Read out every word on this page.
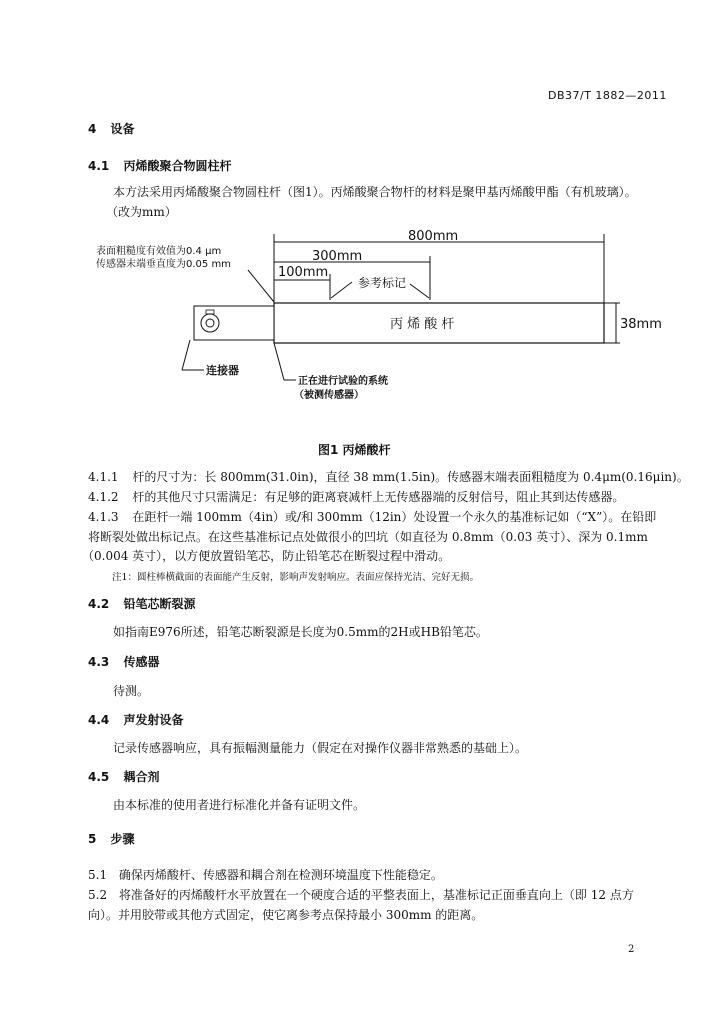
DB37/T 1882—2011
4 设备
4.1 丙烯酸聚合物圆柱杆
本方法采用丙烯酸聚合物圆柱杆（图1）。丙烯酸聚合物杆的材料是聚甲基丙烯酸甲酯（有机玻璃）。
（改为mm）
800mm
300mm
100mm
参考标记
丙 烯 酸 杆	38mm
表面粗糙度有效值为0.4 μm
传感器末端垂直度为0.05 mm
连接器
正在进行试验的系统
（被测传感器）
图1 丙烯酸杆
4.1.1 杆的尺寸为：长 800mm(31.0in)，直径 38 mm(1.5in)。传感器末端表面粗糙度为 0.4μm(0.16μin)。
4.1.2 杆的其他尺寸只需满足：有足够的距离衰减杆上无传感器端的反射信号，阻止其到达传感器。
4.1.3 在距杆一端 100mm（4in）或/和 300mm（12in）处设置一个永久的基准标记如（“X”）。在铅即
将断裂处做出标记点。在这些基准标记点处做很小的凹坑（如直径为 0.8mm（0.03 英寸）、深为 0.1mm
（0.004 英寸），以方便放置铅笔芯，防止铅笔芯在断裂过程中滑动。
注1：圆柱棒横截面的表面能产生反射，影响声发射响应。表面应保持光洁、完好无损。
4.2 铅笔芯断裂源
如指南E976所述，铅笔芯断裂源是长度为0.5mm的2H或HB铅笔芯。
4.3 传感器
待测。
4.4 声发射设备
记录传感器响应，具有振幅测量能力（假定在对操作仪器非常熟悉的基础上）。
4.5 耦合剂
由本标准的使用者进行标准化并备有证明文件。
5 步骤
5.1 确保丙烯酸杆、传感器和耦合剂在检测环境温度下性能稳定。
5.2 将准备好的丙烯酸杆水平放置在一个硬度合适的平整表面上，基准标记正面垂直向上（即 12 点方
向）。并用胶带或其他方式固定，使它离参考点保持最小 300mm 的距离。
2
